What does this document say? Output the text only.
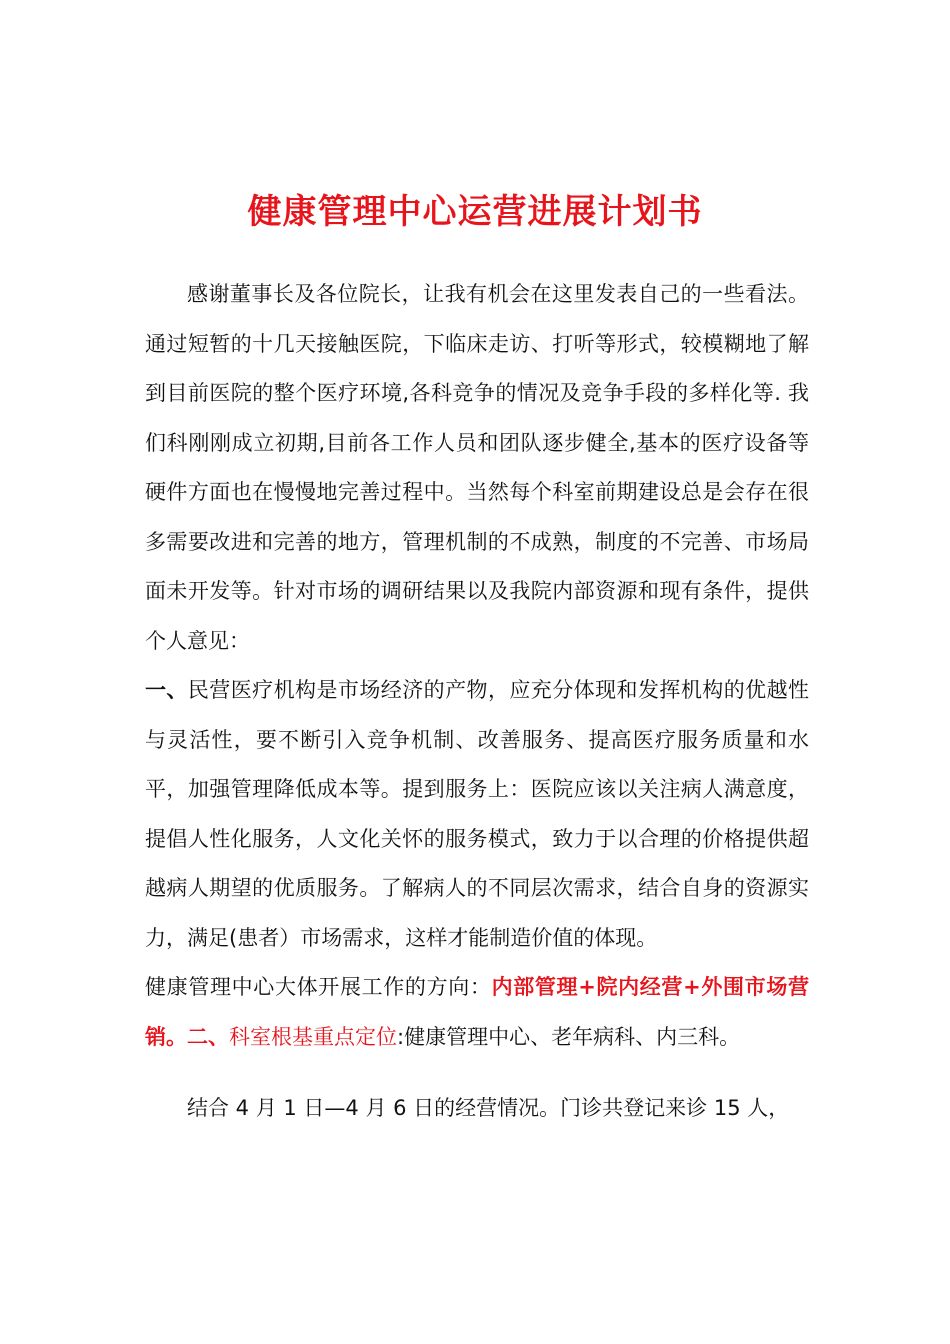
健康管理中心运营进展计划书

感谢董事长及各位院长，让我有机会在这里发表自己的一些看法。通过短暂的十几天接触医院，下临床走访、打听等形式，较模糊地了解到目前医院的整个医疗环境,各科竞争的情况及竞争手段的多样化等. 我们科刚刚成立初期,目前各工作人员和团队逐步健全,基本的医疗设备等硬件方面也在慢慢地完善过程中。当然每个科室前期建设总是会存在很多需要改进和完善的地方，管理机制的不成熟，制度的不完善、市场局面未开发等。针对市场的调研结果以及我院内部资源和现有条件，提供个人意见：

一、民营医疗机构是市场经济的产物，应充分体现和发挥机构的优越性与灵活性，要不断引入竞争机制、改善服务、提高医疗服务质量和水平，加强管理降低成本等。提到服务上：医院应该以关注病人满意度，提倡人性化服务，人文化关怀的服务模式，致力于以合理的价格提供超越病人期望的优质服务。了解病人的不同层次需求，结合自身的资源实力，满足(患者）市场需求，这样才能制造价值的体现。

健康管理中心大体开展工作的方向：内部管理+院内经营+外围市场营销。二、科室根基重点定位:健康管理中心、老年病科、内三科。

结合 4 月 1 日—4 月 6 日的经营情况。门诊共登记来诊 15 人，
